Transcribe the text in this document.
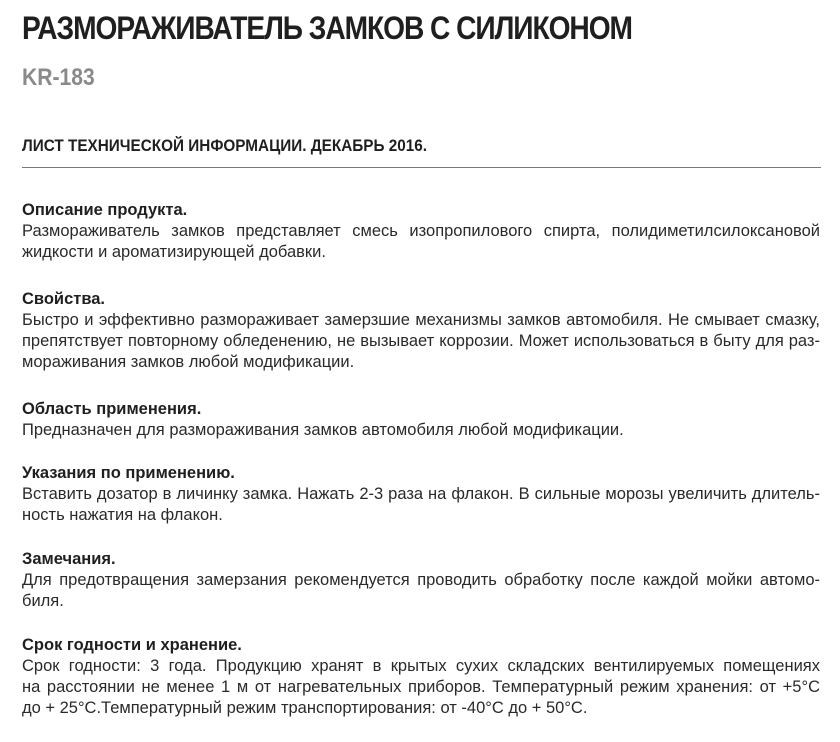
РАЗМОРАЖИВАТЕЛЬ ЗАМКОВ С СИЛИКОНОМ
KR-183
ЛИСТ ТЕХНИЧЕСКОЙ ИНФОРМАЦИИ. ДЕКАБРЬ 2016.

Описание продукта.

Размораживатель замков представляет смесь изопропилового спирта, полидиметилсилоксановой

жидкости и ароматизирующей добавки.

Свойства.

Быстро и эффективно размораживает замерзшие механизмы замков автомобиля. Не смывает смазку,

препятствует повторному обледенению, не вызывает коррозии. Может использоваться в быту для раз-

мораживания замков любой модификации.

Область применения.

Предназначен для размораживания замков автомобиля любой модификации.

Указания по применению.

Вставить дозатор в личинку замка. Нажать 2-3 раза на флакон. В сильные морозы увеличить длитель-

ность нажатия на флакон.

Замечания.

Для предотвращения замерзания рекомендуется проводить обработку после каждой мойки автомо-

биля.

Срок годности и хранение.

Срок годности: 3 года. Продукцию хранят в крытых сухих складских вентилируемых помещениях

на расстоянии не менее 1 м от нагревательных приборов. Температурный режим хранения: от +5°С

до + 25°С.Температурный режим транспортирования: от -40°С до + 50°С.
